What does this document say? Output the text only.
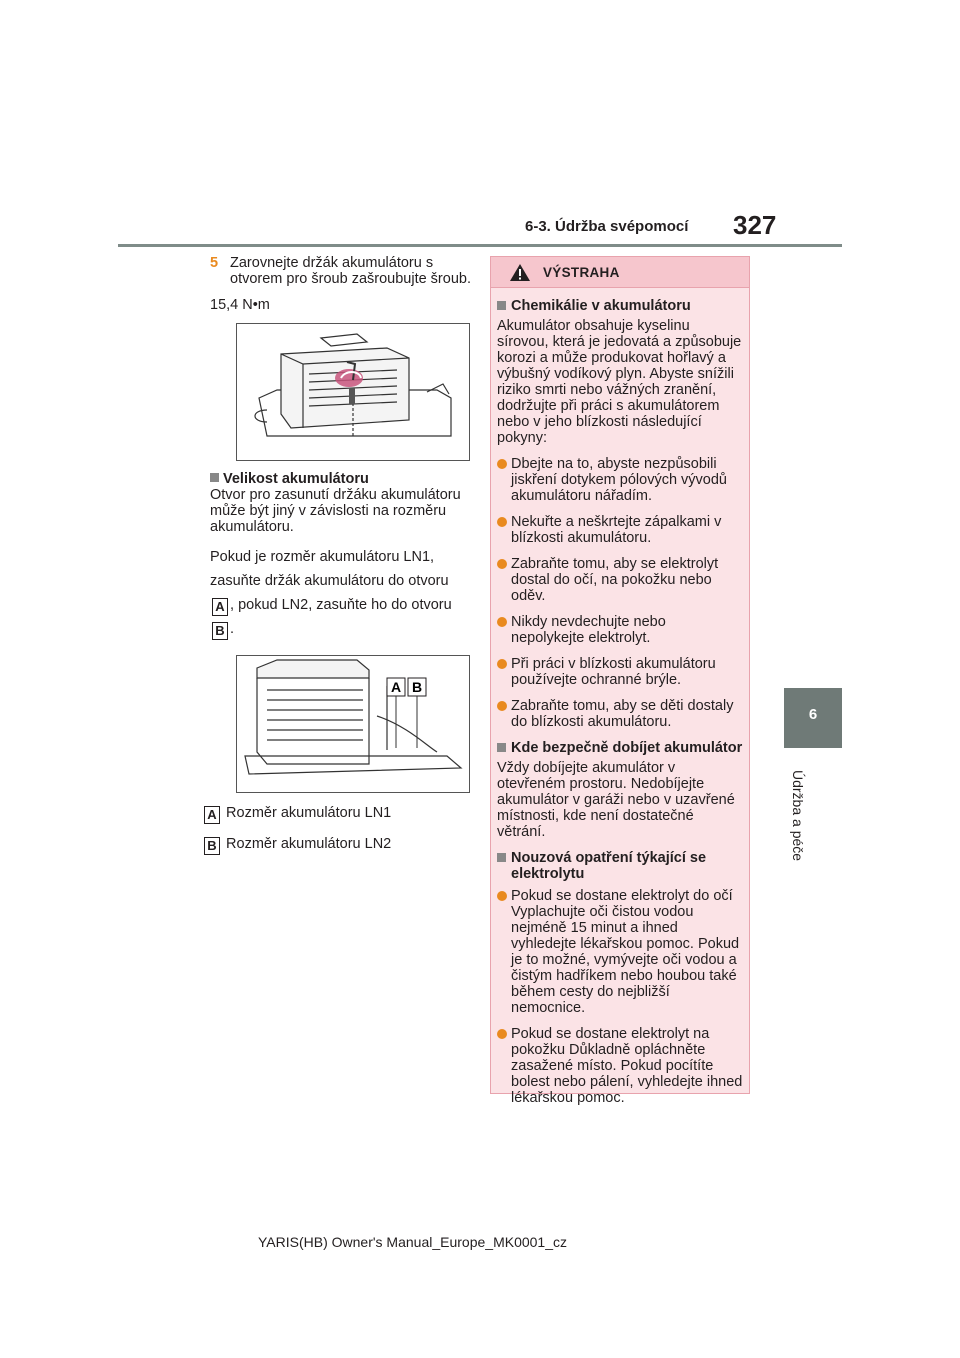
6-3. Údržba svépomocí 327
6
Údržba a péče
5 Zarovnejte držák akumulátoru s otvorem pro šroub zašroubujte šroub.

15,4 N•m

Velikost akumulátoru

Otvor pro zasunutí držáku akumulátoru může být jiný v závislosti na rozměru akumulátoru.

Pokud je rozměr akumulátoru LN1, zasuňte držák akumulátoru do otvoru A , pokud LN2, zasuňte ho do otvoru B .

A B

A Rozměr akumulátoru LN1

B Rozměr akumulátoru LN2

VÝSTRAHA
Chemikálie v akumulátoru

Akumulátor obsahuje kyselinu sírovou, která je jedovatá a způsobuje korozi a může produkovat hořlavý a výbušný vodíkový plyn. Abyste snížili riziko smrti nebo vážných zranění, dodržujte při práci s akumulátorem nebo v jeho blízkosti následující pokyny:

Dbejte na to, abyste nezpůsobili jiskření dotykem pólových vývodů akumulátoru nářadím.
Nekuřte a neškrtejte zápalkami v blízkosti akumulátoru.
Zabraňte tomu, aby se elektrolyt dostal do očí, na pokožku nebo oděv.
Nikdy nevdechujte nebo nepolykejte elektrolyt.
Při práci v blízkosti akumulátoru používejte ochranné brýle.
Zabraňte tomu, aby se děti dostaly do blízkosti akumulátoru.
Kde bezpečně dobíjet akumulátor

Vždy dobíjejte akumulátor v otevřeném prostoru. Nedobíjejte akumulátor v garáži nebo v uzavřené místnosti, kde není dostatečné větrání.

Nouzová opatření týkající se elektrolytu
Pokud se dostane elektrolyt do očí Vyplachujte oči čistou vodou nejméně 15 minut a ihned vyhledejte lékařskou pomoc. Pokud je to možné, vymývejte oči vodou a čistým hadříkem nebo houbou také během cesty do nejbližší nemocnice.
Pokud se dostane elektrolyt na pokožku Důkladně opláchněte zasažené místo. Pokud pocítíte bolest nebo pálení, vyhledejte ihned lékařskou pomoc.
YARIS(HB) Owner's Manual_Europe_MK0001_cz
